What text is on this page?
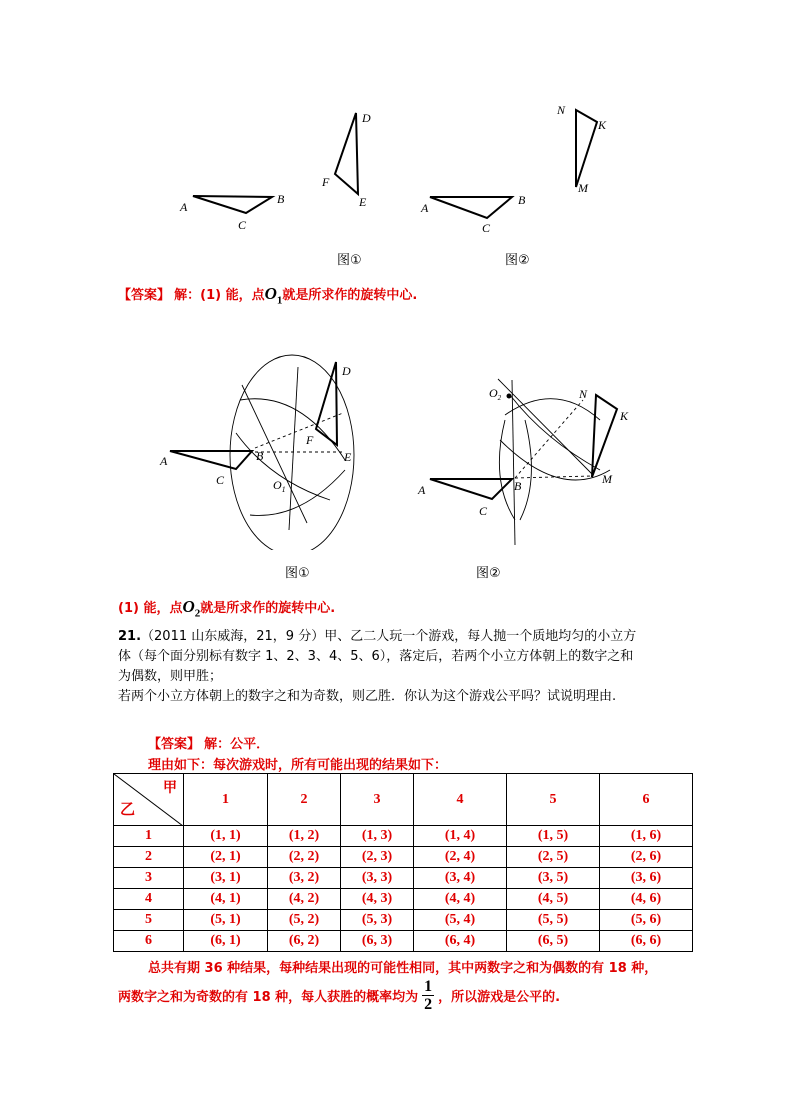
A
B
C
D
F
E	A
B
C
N
K
M
图①	图②
【答案】 解：(1) 能，点$O_1$就是所求作的旋转中心.
A	B
C
D
F
E
$O_1$	A	B
C
N
K
M
$O_2$
图①	图②
(1) 能，点$O_2$就是所求作的旋转中心.
21.（2011 山东威海，21，9 分）甲、乙二人玩一个游戏，每人抛一个质地均匀的小立方
体（每个面分别标有数字 1、2、3、4、5、6），落定后，若两个小立方体朝上的数字之和
为偶数，则甲胜；
若两个小立方体朝上的数字之和为奇数，则乙胜．你认为这个游戏公平吗？试说明理由.
【答案】 解：公平．
理由如下：每次游戏时，所有可能出现的结果如下：
甲
乙	1	2	3	4	5	6
1	(1, 1)	(1, 2)	(1, 3)	(1, 4)	(1, 5)	(1, 6)
2	(2, 1)	(2, 2)	(2, 3)	(2, 4)	(2, 5)	(2, 6)
3	(3, 1)	(3, 2)	(3, 3)	(3, 4)	(3, 5)	(3, 6)
4	(4, 1)	(4, 2)	(4, 3)	(4, 4)	(4, 5)	(4, 6)
5	(5, 1)	(5, 2)	(5, 3)	(5, 4)	(5, 5)	(5, 6)
6	(6, 1)	(6, 2)	(6, 3)	(6, 4)	(6, 5)	(6, 6)
总共有期 36 种结果，每种结果出现的可能性相同，其中两数字之和为偶数的有 18 种，
两数字之和为奇数的有 18 种，每人获胜的概率均为
1
2 ，所以游戏是公平的.
